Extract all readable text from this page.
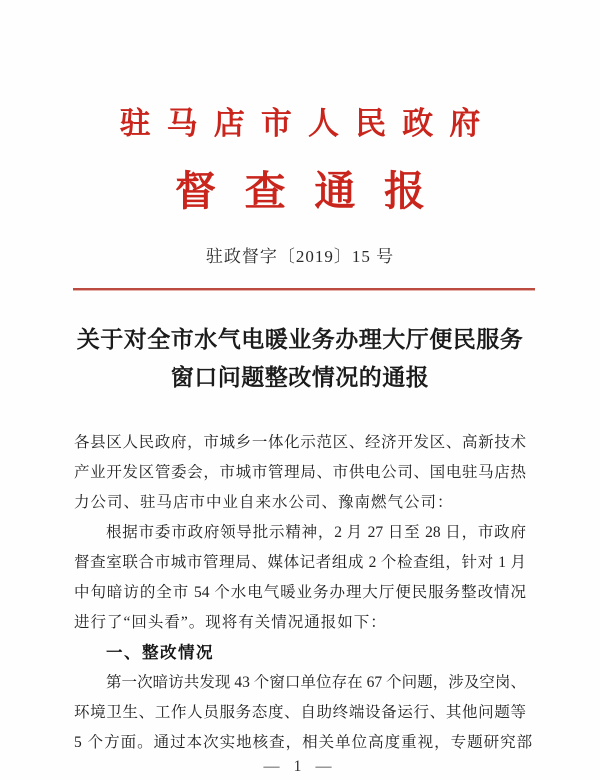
驻马店市人民政府
督查通报
驻政督字〔2019〕15 号
关于对全市水气电暖业务办理大厅便民服务
窗口问题整改情况的通报
各县区人民政府，市城乡一体化示范区、经济开发区、高新技术
产业开发区管委会，市城市管理局、市供电公司、国电驻马店热
力公司、驻马店市中业自来水公司、豫南燃气公司：
根据市委市政府领导批示精神，2 月 27 日至 28 日，市政府
督查室联合市城市管理局、媒体记者组成 2 个检查组，针对 1 月
中旬暗访的全市 54 个水电气暖业务办理大厅便民服务整改情况
进行了“回头看”。现将有关情况通报如下：
一、整改情况
第一次暗访共发现 43 个窗口单位存在 67 个问题，涉及空岗、
环境卫生、工作人员服务态度、自助终端设备运行、其他问题等
5 个方面。通过本次实地核查，相关单位高度重视，专题研究部
— 1 —
